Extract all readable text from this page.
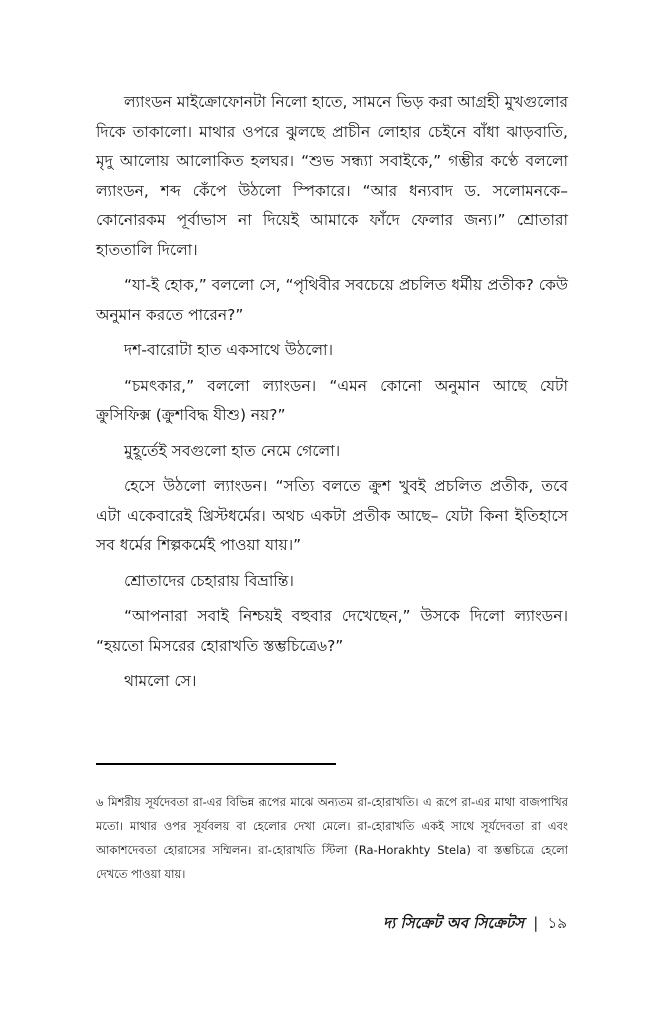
ল্যাংডন মাইক্রোফোনটা নিলো হাতে, সামনে ভিড় করা আগ্রহী মুখগুলোর দিকে তাকালো। মাথার ওপরে ঝুলছে প্রাচীন লোহার চেইনে বাঁধা ঝাড়বাতি, মৃদু আলোয় আলোকিত হলঘর। “শুভ সন্ধ্যা সবাইকে,” গম্ভীর কণ্ঠে বললো ল্যাংডন, শব্দ কেঁপে উঠলো স্পিকারে। “আর ধন্যবাদ ড. সলোমনকে– কোনোরকম পূর্বাভাস না দিয়েই আমাকে ফাঁদে ফেলার জন্য।” শ্রোতারা হাততালি দিলো।

“যা-ই হোক,” বললো সে, “পৃথিবীর সবচেয়ে প্রচলিত ধর্মীয় প্রতীক? কেউ অনুমান করতে পারেন?”

দশ-বারোটা হাত একসাথে উঠলো।

“চমৎকার,” বললো ল্যাংডন। “এমন কোনো অনুমান আছে যেটা ক্রুসিফিক্স (ক্রুশবিদ্ধ যীশু) নয়?”

মুহূর্তেই সবগুলো হাত নেমে গেলো।

হেসে উঠলো ল্যাংডন। “সত্যি বলতে ক্রুশ খুবই প্রচলিত প্রতীক, তবে এটা একেবারেই খ্রিস্টধর্মের। অথচ একটা প্রতীক আছে– যেটা কিনা ইতিহাসে সব ধর্মের শিল্পকর্মেই পাওয়া যায়।”

শ্রোতাদের চেহারায় বিভ্রান্তি।

“আপনারা সবাই নিশ্চয়ই বহুবার দেখেছেন,” উসকে দিলো ল্যাংডন। “হয়তো মিসরের হোরাখতি স্তম্ভচিত্রে৬?”

থামলো সে।

৬ মিশরীয় সূর্যদেবতা রা-এর বিভিন্ন রূপের মাঝে অন্যতম রা-হোরাখতি। এ রূপে রা-এর মাথা বাজপাখির মতো। মাথার ওপর সূর্যবলয় বা হেলোর দেখা মেলে। রা-হোরাখতি একই সাথে সূর্যদেবতা রা এবং আকাশদেবতা হোরাসের সম্মিলন। রা-হোরাখতি স্টিলা (Ra-Horakhty Stela) বা স্তম্ভচিত্রে হেলো দেখতে পাওয়া যায়।
দ্য সিক্রেট অব সিক্রেটস | ১৯
